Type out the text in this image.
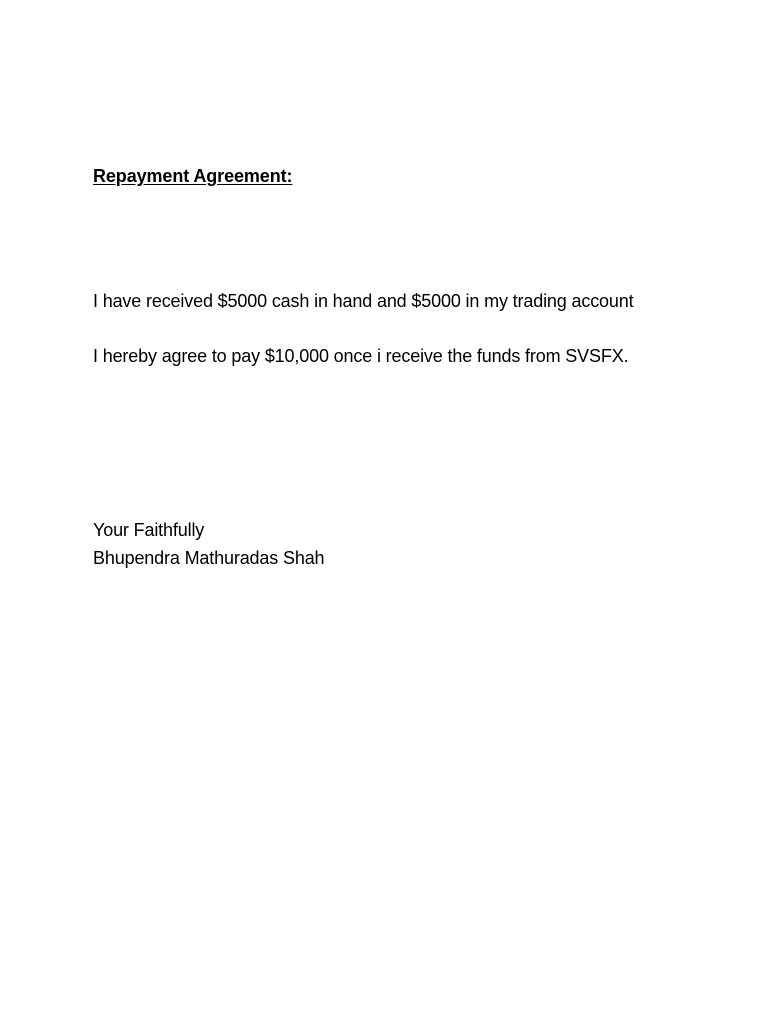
Repayment Agreement:
I have received $5000 cash in hand and $5000 in my trading account
I hereby agree to pay $10,000 once i receive the funds from SVSFX.
Your Faithfully
Bhupendra Mathuradas Shah
